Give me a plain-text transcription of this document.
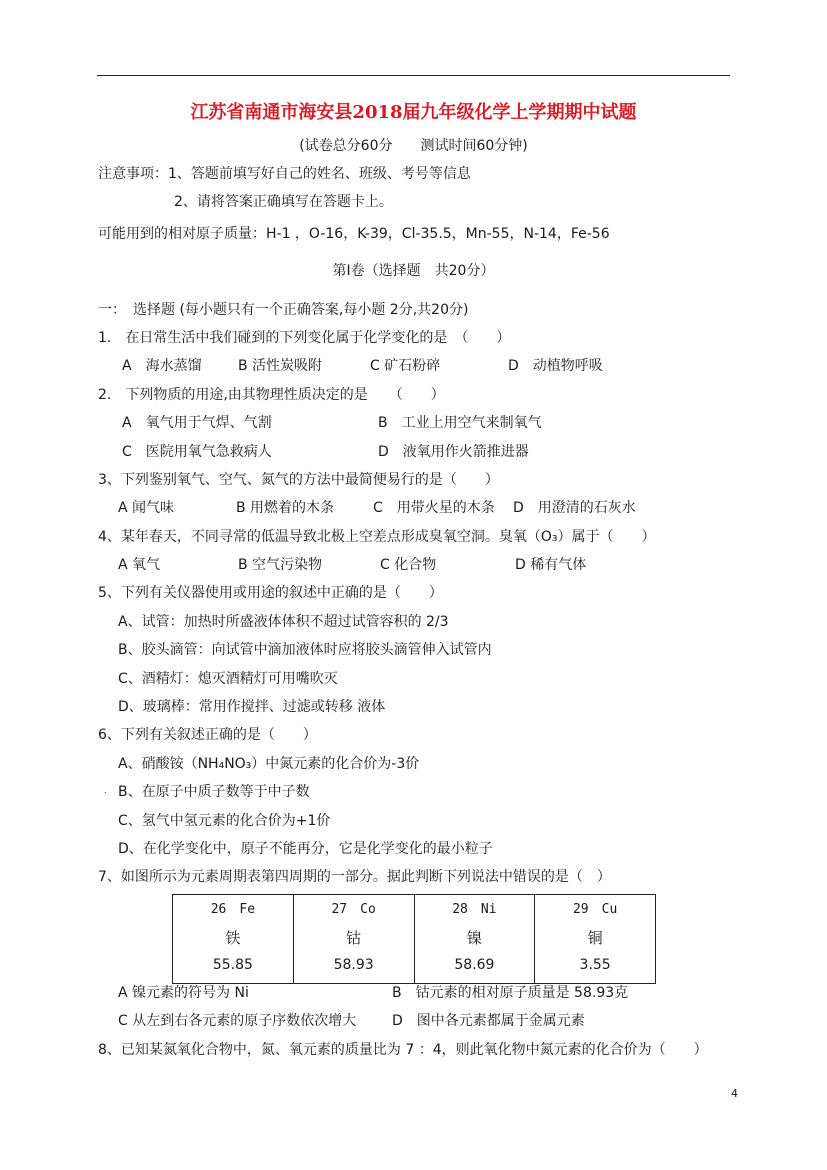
江苏省南通市海安县2018届九年级化学上学期期中试题
(试卷总分60分　　测试时间60分钟)
注意事项：1、答题前填写好自己的姓名、班级、考号等信息
2、请将答案正确填写在答题卡上。
可能用到的相对原子质量：H-1 ，O-16，K-39，Cl-35.5，Mn-55，N-14，Fe-56
第Ⅰ卷（选择题　共20分）
一：　选择题 (每小题只有一个正确答案,每小题 2分,共20分)
1.　在日常生活中我们碰到的下列变化属于化学变化的是　（　　）
A　海水蒸馏	B 活性炭吸附	C 矿石粉碎	D　动植物呼吸
2.　下列物质的用途,由其物理性质决定的是　　（　　）
A　氧气用于气焊、气割	B　工业上用空气来制氧气
C　医院用氧气急救病人	D　液氧用作火箭推进器
3、下列鉴别氧气、空气、氮气的方法中最简便易行的是（　　）
A 闻气味	B 用燃着的木条	C　用带火星的木条 D　用澄清的石灰水
4、某年春天，不同寻常的低温导致北极上空差点形成臭氧空洞。臭氧（O₃）属于（　　）
A 氧气	B 空气污染物	C 化合物	D 稀有气体
5、下列有关仪器使用或用途的叙述中正确的是（　　）
A、试管：加热时所盛液体体积不超过试管容积的 2/3
B、胶头滴管：向试管中滴加液体时应将胶头滴管伸入试管内
C、酒精灯：熄灭酒精灯可用嘴吹灭
D、玻璃棒：常用作搅拌、过滤或转移 液体
6、下列有关叙述正确的是（　　）
A、硝酸铵（NH₄NO₃）中氮元素的化合价为-3价
. B、在原子中质子数等于中子数
C、氢气中氢元素的化合价为+1价
D、在化学变化中，原子不能再分，它是化学变化的最小粒子
7、如图所示为元素周期表第四周期的一部分。据此判断下列说法中错误的是（　）
26　Fe
铁
55.85

27　Co
钴
58.93

28　Ni
镍
58.69

29　Cu
铜
3.55
A 镍元素的符号为 Ni	B　钴元素的相对原子质量是 58.93克
C 从左到右各元素的原子序数依次增大	D　图中各元素都属于金属元素
8、已知某氮氧化合物中，氮、氧元素的质量比为 7 ：4，则此氧化物中氮元素的化合价为（　　）
4
